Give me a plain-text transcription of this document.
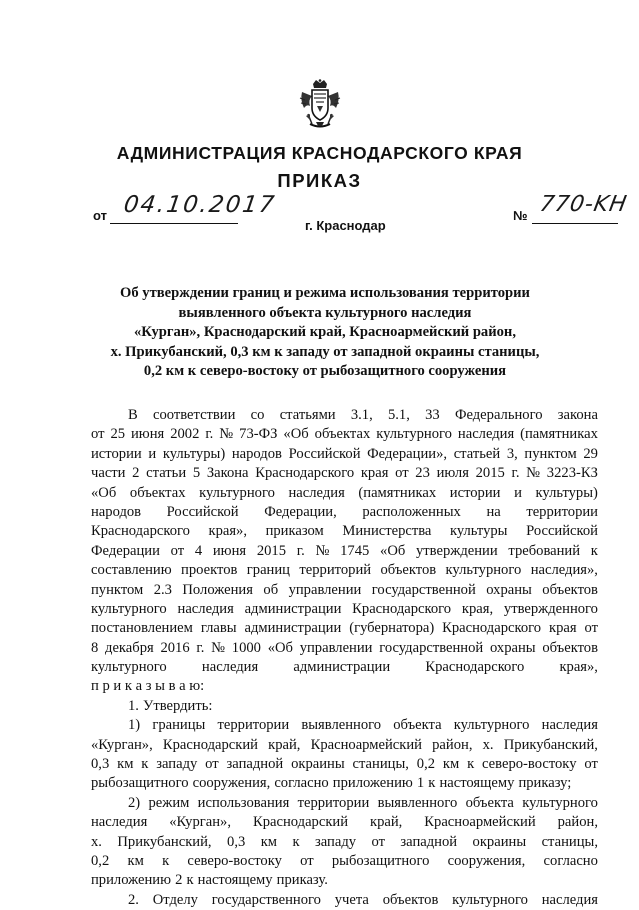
АДМИНИСТРАЦИЯ КРАСНОДАРСКОГО КРАЯ
ПРИКАЗ
от 04.10.2017
г. Краснодар
№ 770-KH
Об утверждении границ и режима использования территории
выявленного объекта культурного наследия
«Курган», Краснодарский край, Красноармейский район,
х. Прикубанский, 0,3 км к западу от западной окраины станицы,
0,2 км к северо-востоку от рыбозащитного сооружения
В соответствии со статьями 3.1, 5.1, 33 Федерального закона
от 25 июня 2002 г. № 73-ФЗ «Об объектах культурного наследия (памятниках
истории и культуры) народов Российской Федерации», статьей 3, пунктом 29
части 2 статьи 5 Закона Краснодарского края от 23 июля 2015 г. № 3223-КЗ
«Об объектах культурного наследия (памятниках истории и культуры)
народов Российской Федерации, расположенных на территории
Краснодарского края», приказом Министерства культуры Российской
Федерации от 4 июня 2015 г. № 1745 «Об утверждении требований к
составлению проектов границ территорий объектов культурного наследия»,
пунктом 2.3 Положения об управлении государственной охраны объектов
культурного наследия администрации Краснодарского края, утвержденного
постановлением главы администрации (губернатора) Краснодарского края от
8 декабря 2016 г. № 1000 «Об управлении государственной охраны объектов
культурного наследия администрации Краснодарского края»,
п р и к а з ы в а ю:
1. Утвердить:
1) границы территории выявленного объекта культурного наследия
«Курган», Краснодарский край, Красноармейский район, х. Прикубанский,
0,3 км к западу от западной окраины станицы, 0,2 км к северо-востоку от
рыбозащитного сооружения, согласно приложению 1 к настоящему приказу;
2) режим использования территории выявленного объекта культурного
наследия «Курган», Краснодарский край, Красноармейский район,
х. Прикубанский, 0,3 км к западу от западной окраины станицы,
0,2 км к северо-востоку от рыбозащитного сооружения, согласно
приложению 2 к настоящему приказу.
2. Отделу государственного учета объектов культурного наследия
